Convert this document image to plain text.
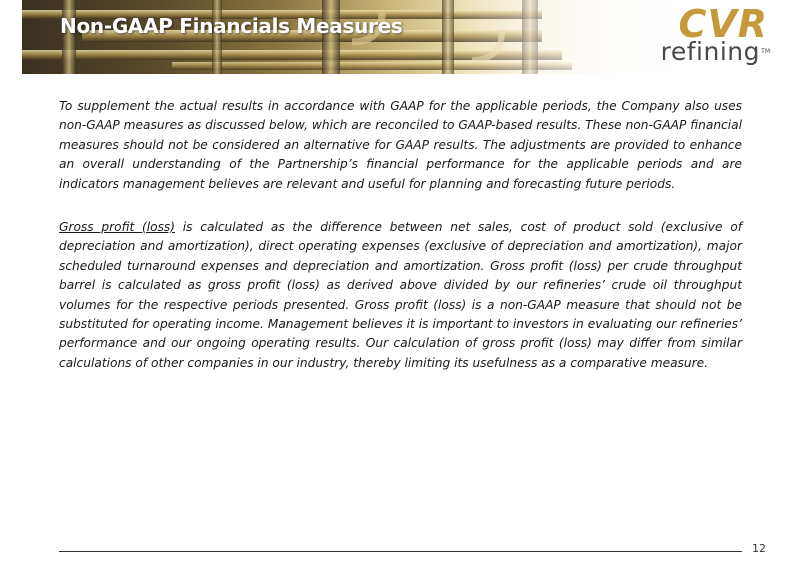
Non-GAAP Financials Measures	CVR
refining TM

To supplement the actual results in accordance with GAAP for the applicable periods, the Company also uses non-GAAP measures as discussed below, which are reconciled to GAAP-based results. These non-GAAP financial measures should not be considered an alternative for GAAP results. The adjustments are provided to enhance an overall understanding of the Partnership’s financial performance for the applicable periods and are indicators management believes are relevant and useful for planning and forecasting future periods.

Gross profit (loss) is calculated as the difference between net sales, cost of product sold (exclusive of depreciation and amortization), direct operating expenses (exclusive of depreciation and amortization), major scheduled turnaround expenses and depreciation and amortization. Gross profit (loss) per crude throughput barrel is calculated as gross profit (loss) as derived above divided by our refineries’ crude oil throughput volumes for the respective periods presented. Gross profit (loss) is a non-GAAP measure that should not be substituted for operating income. Management believes it is important to investors in evaluating our refineries’ performance and our ongoing operating results. Our calculation of gross profit (loss) may differ from similar calculations of other companies in our industry, thereby limiting its usefulness as a comparative measure.

12
